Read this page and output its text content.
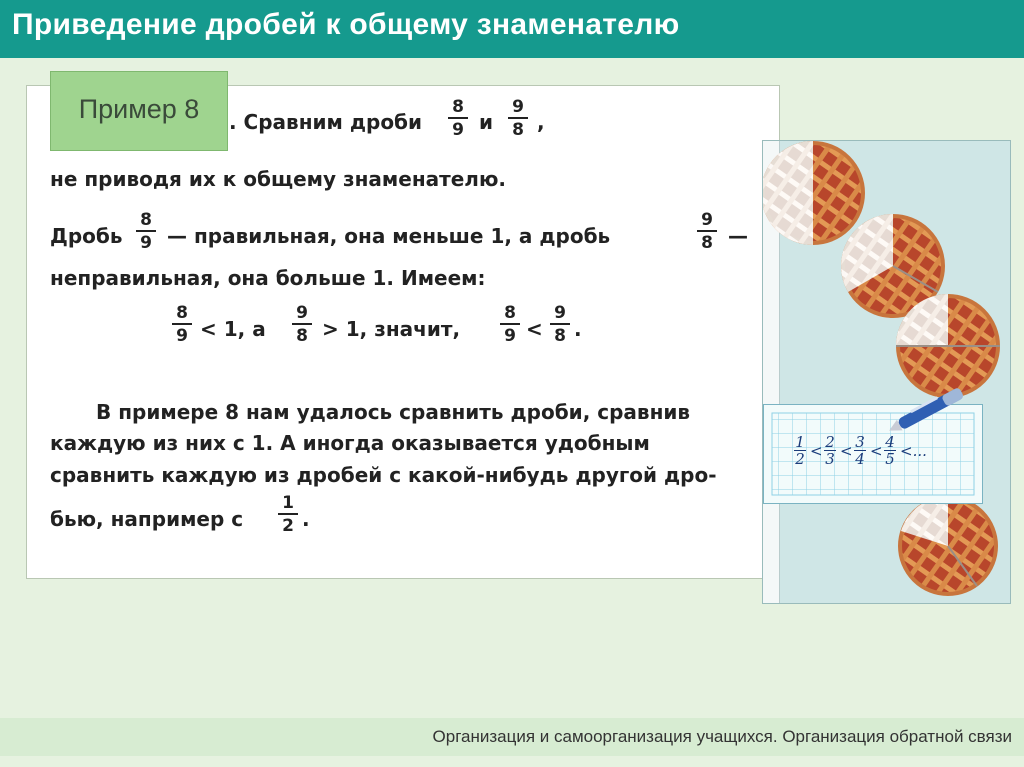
Приведение дробей к общему знаменателю
. Сравним дроби $\frac{8}{9}$ и $\frac{9}{8}$ ,
не приводя их к общему знаменателю.
Дробь $\frac{8}{9}$ — правильная, она меньше 1, а дробь	$\frac{9}{8}$ —
неправильная, она больше 1. Имеем:
$\frac{8}{9} < 1$, а $\frac{9}{8} > 1$, значит, $\frac{8}{9} < \frac{9}{8}$ .
В примере 8 нам удалось сравнить дроби, сравнив
каждую из них с 1. А иногда оказывается удобным
сравнить каждую из дробей с какой-нибудь другой дро-
бью, например с $\frac{1}{2}$ .
Пример 8
1
2 < 2
3 < 3
4 < 4
5 <...
Организация и самоорганизация учащихся. Организация обратной связи
